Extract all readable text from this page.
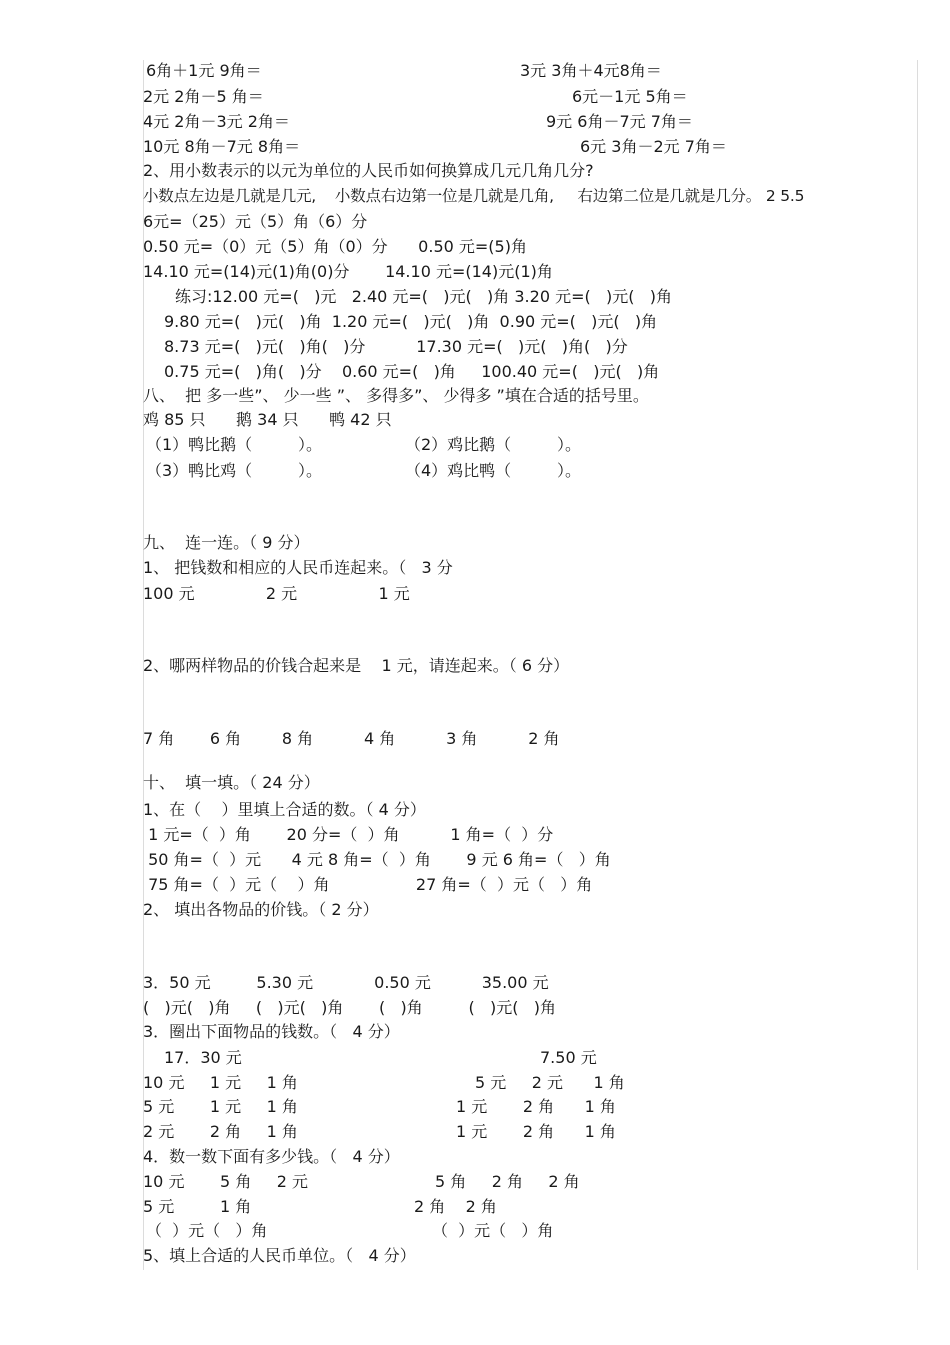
6角＋1元 9角＝	3元 3角＋4元8角＝
2元 2角－5 角＝	6元－1元 5角＝
4元 2角－3元 2角＝	9元 6角－7元 7角＝
10元 8角－7元 8角＝	6元 3角－2元 7角＝
2、用小数表示的以元为单位的人民币如何换算成几元几角几分?
小数点左边是几就是几元,    小数点右边第一位是几就是几角,     右边第二位是几就是几分。 2 5.5
6元=（25）元（5）角（6）分
0.50 元=（0）元（5）角（0）分      0.50 元=(5)角
14.10 元=(14)元(1)角(0)分       14.10 元=(14)元(1)角
练习:12.00 元=(   )元   2.40 元=(   )元(   )角 3.20 元=(   )元(   )角
9.80 元=(   )元(   )角  1.20 元=(   )元(   )角  0.90 元=(   )元(   )角
8.73 元=(   )元(   )角(   )分          17.30 元=(   )元(   )角(   )分
0.75 元=(   )角(   )分    0.60 元=(   )角     100.40 元=(   )元(   )角
八、  把 多一些”、 少一些 ”、 多得多”、 少得多 ”填在合适的括号里。
鸡 85 只      鹅 34 只      鸭 42 只
（1）鸭比鹅（         ）。	（2）鸡比鹅（         ）。
（3）鸭比鸡（         ）。	（4）鸡比鸭（         ）。
九、  连一连。（ 9 分）
1、 把钱数和相应的人民币连起来。（   3 分
100 元              2 元                1 元
2、哪两样物品的价钱合起来是    1 元，请连起来。（ 6 分）
7 角       6 角        8 角          4 角          3 角          2 角
十、  填一填。（ 24 分）
1、在（    ）里填上合适的数。（ 4 分）
1 元=（  ）角       20 分=（  ）角          1 角=（  ）分
50 角=（  ）元      4 元 8 角=（  ）角       9 元 6 角=（   ）角
75 角=（  ）元（    ）角                 27 角=（  ）元（   ）角
2、 填出各物品的价钱。（ 2 分）
3．50 元         5.30 元            0.50 元          35.00 元
(   )元(   )角     (   )元(   )角       (   )角         (   )元(   )角
3．圈出下面物品的钱数。（   4 分）
17．30 元	7.50 元
10 元     1 元     1 角	5 元     2 元      1 角
5 元       1 元     1 角	1 元       2 角      1 角
2 元       2 角     1 角	1 元       2 角      1 角
4．数一数下面有多少钱。（   4 分）
10 元       5 角     2 元	5 角     2 角     2 角
5 元         1 角	2 角    2 角
（  ）元（   ）角	（  ）元（   ）角
5、填上合适的人民币单位。（   4 分）
